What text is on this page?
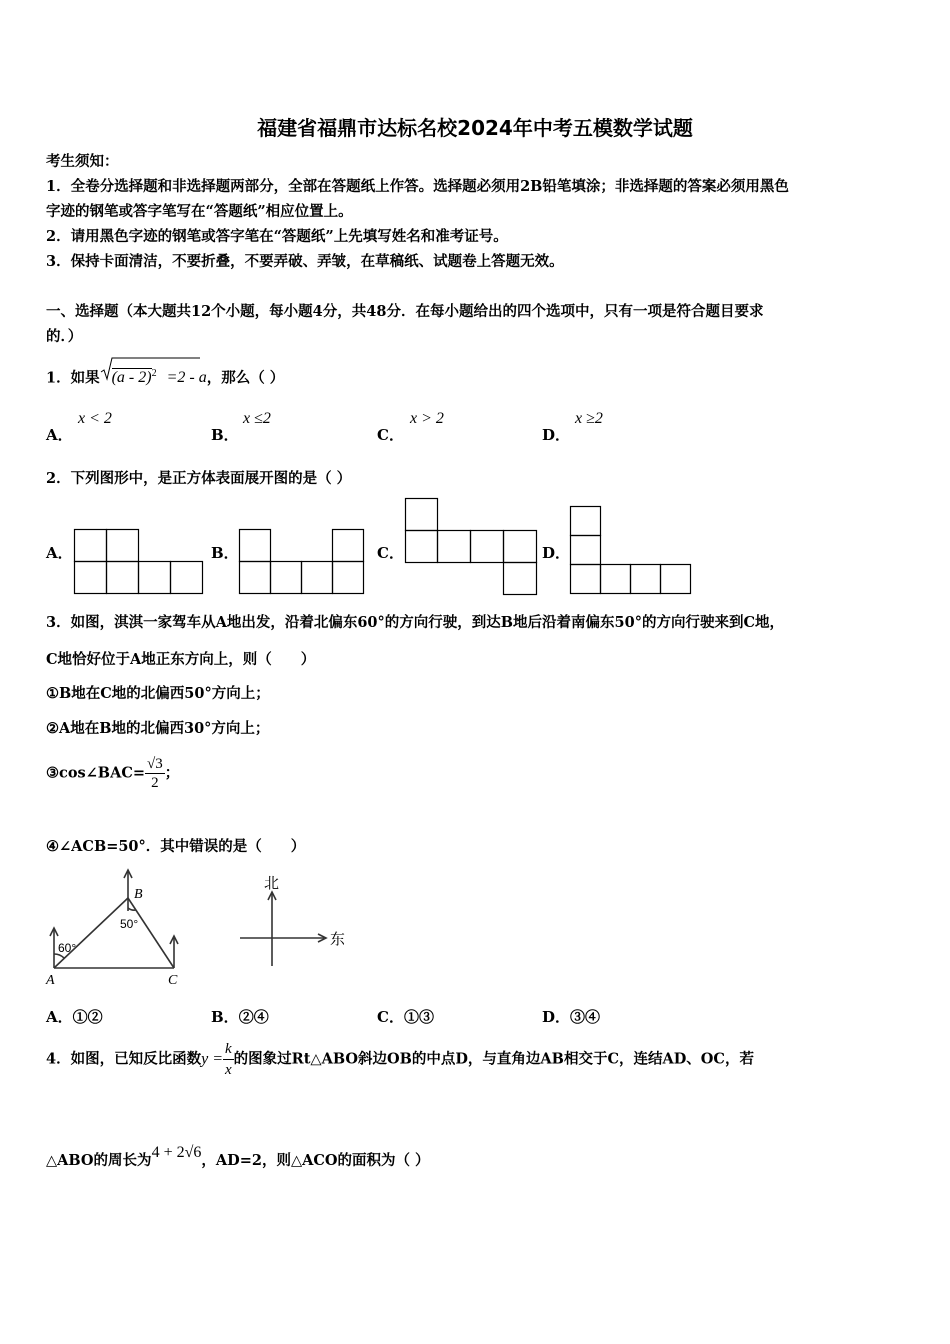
福建省福鼎市达标名校2024年中考五模数学试题
考生须知：
1．全卷分选择题和非选择题两部分，全部在答题纸上作答。选择题必须用2B铅笔填涂；非选择题的答案必须用黑色
字迹的钢笔或答字笔写在“答题纸”相应位置上。
2．请用黑色字迹的钢笔或答字笔在“答题纸”上先填写姓名和准考证号。
3．保持卡面清洁，不要折叠，不要弄破、弄皱，在草稿纸、试题卷上答题无效。
一、选择题（本大题共12个小题，每小题4分，共48分．在每小题给出的四个选项中，只有一项是符合题目要求
的．）
1．如果 (a - 2)$^2$ =2 - a，那么（ ）
A．
x < 2
B．
x ≤2
C．
x > 2
D．
x ≥2
2．下列图形中，是正方体表面展开图的是（ ）
A．	B．	C．	D．
3．如图，淇淇一家驾车从A地出发，沿着北偏东60°的方向行驶，到达B地后沿着南偏东50°的方向行驶来到C地，
C地恰好位于A地正东方向上，则（　　）
①B地在C地的北偏西50°方向上；
②A地在B地的北偏西30°方向上；
③cos∠BAC= $\frac{√3}{2}$ ；
④∠ACB=50°．其中错误的是（　　）
A
B
C
60°
50°
北
东
A．①②	B．②④	C．①③	D．③④
4．如图，已知反比函数$y = \frac{k}{x}$ 的图象过Rt△ABO斜边OB的中点D，与直角边AB相交于C，连结AD、OC，若
△ABO的周长为4 + 2√6，AD=2，则△ACO的面积为（ ）
